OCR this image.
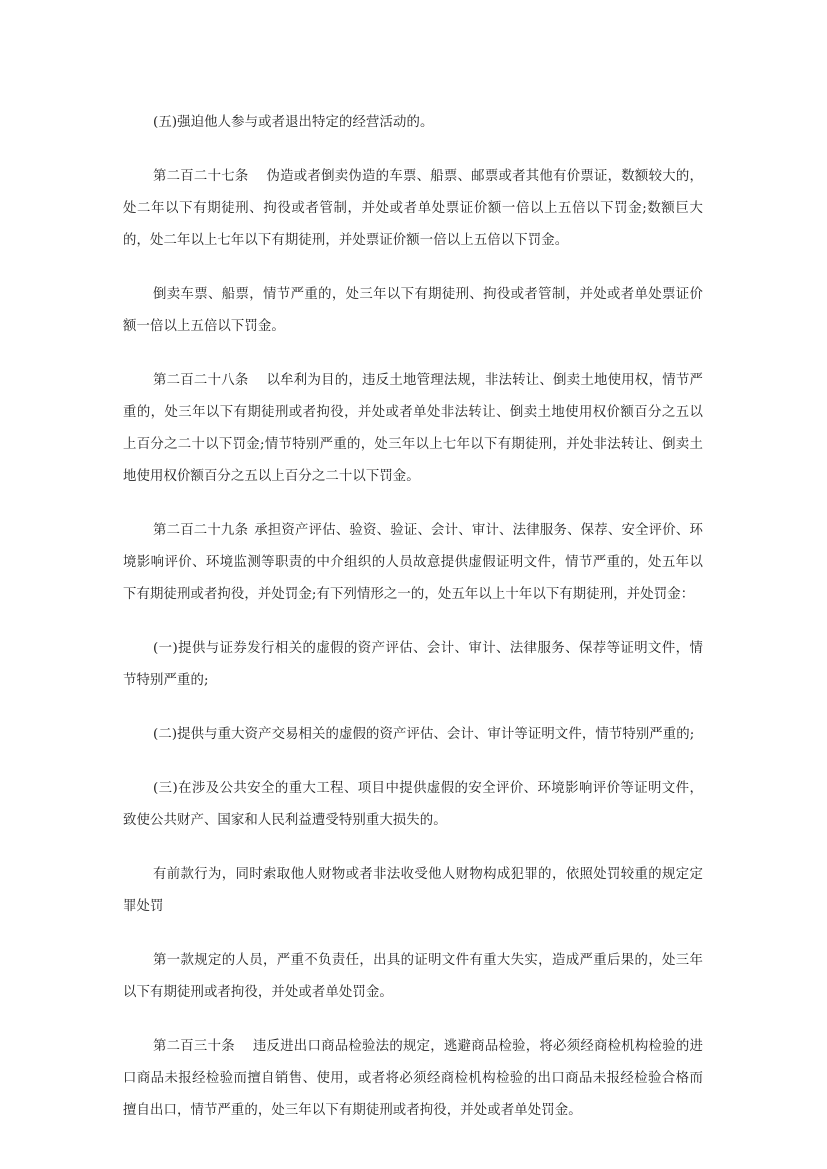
(五)强迫他人参与或者退出特定的经营活动的。

第二百二十七条 伪造或者倒卖伪造的车票、船票、邮票或者其他有价票证，数额较大的，处二年以下有期徒刑、拘役或者管制，并处或者单处票证价额一倍以上五倍以下罚金;数额巨大的，处二年以上七年以下有期徒刑，并处票证价额一倍以上五倍以下罚金。

倒卖车票、船票，情节严重的，处三年以下有期徒刑、拘役或者管制，并处或者单处票证价额一倍以上五倍以下罚金。

第二百二十八条 以牟利为目的，违反土地管理法规，非法转让、倒卖土地使用权，情节严重的，处三年以下有期徒刑或者拘役，并处或者单处非法转让、倒卖土地使用权价额百分之五以上百分之二十以下罚金;情节特别严重的，处三年以上七年以下有期徒刑，并处非法转让、倒卖土地使用权价额百分之五以上百分之二十以下罚金。

第二百二十九条 承担资产评估、验资、验证、会计、审计、法律服务、保荐、安全评价、环境影响评价、环境监测等职责的中介组织的人员故意提供虚假证明文件，情节严重的，处五年以下有期徒刑或者拘役，并处罚金;有下列情形之一的，处五年以上十年以下有期徒刑，并处罚金：

(一)提供与证券发行相关的虚假的资产评估、会计、审计、法律服务、保荐等证明文件，情节特别严重的;

(二)提供与重大资产交易相关的虚假的资产评估、会计、审计等证明文件，情节特别严重的;

(三)在涉及公共安全的重大工程、项目中提供虚假的安全评价、环境影响评价等证明文件，致使公共财产、国家和人民利益遭受特别重大损失的。

有前款行为，同时索取他人财物或者非法收受他人财物构成犯罪的，依照处罚较重的规定定罪处罚

第一款规定的人员，严重不负责任，出具的证明文件有重大失实，造成严重后果的，处三年以下有期徒刑或者拘役，并处或者单处罚金。

第二百三十条 违反进出口商品检验法的规定，逃避商品检验，将必须经商检机构检验的进口商品未报经检验而擅自销售、使用，或者将必须经商检机构检验的出口商品未报经检验合格而擅自出口，情节严重的，处三年以下有期徒刑或者拘役，并处或者单处罚金。
